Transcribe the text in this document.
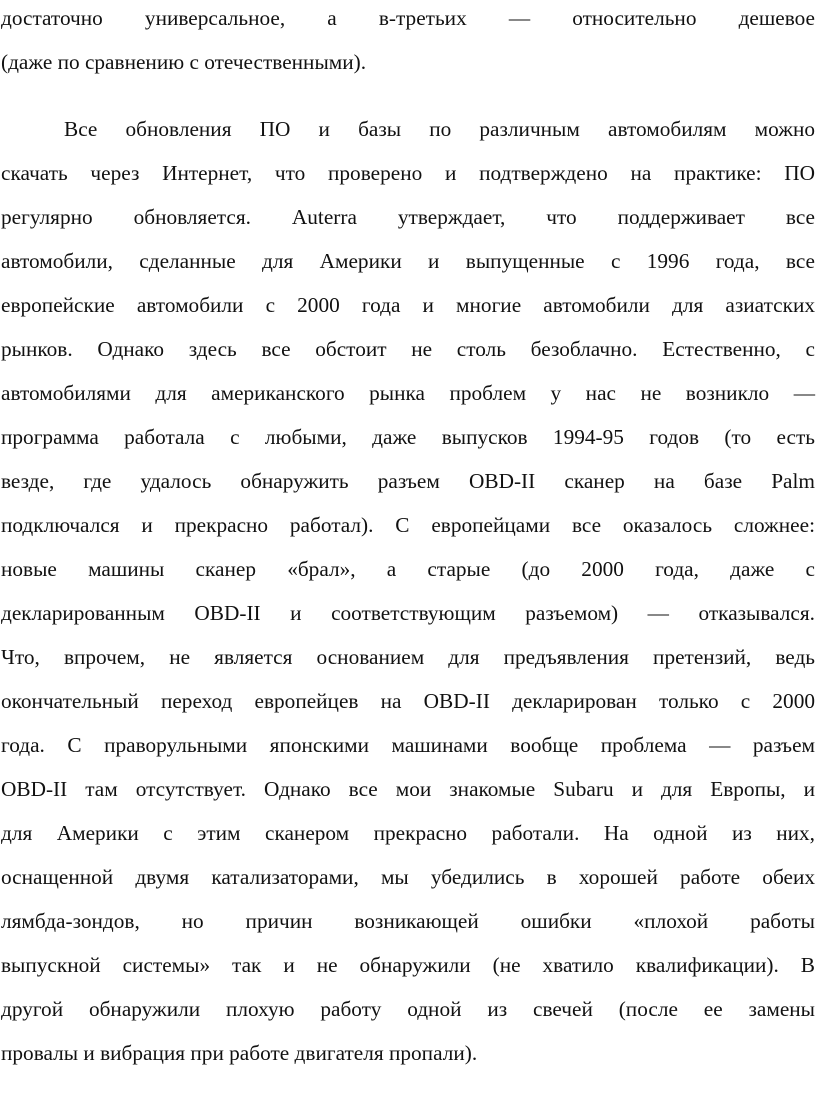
достаточно универсальное, а в-третьих — относительно дешевое
(даже по сравнению с отечественными).
Все обновления ПО и базы по различным автомобилям можно
скачать через Интернет, что проверено и подтверждено на практике: ПО
регулярно обновляется. Auterra утверждает, что поддерживает все
автомобили, сделанные для Америки и выпущенные с 1996 года, все
европейские автомобили с 2000 года и многие автомобили для азиатских
рынков. Однако здесь все обстоит не столь безоблачно. Естественно, с
автомобилями для американского рынка проблем у нас не возникло —
программа работала с любыми, даже выпусков 1994-95 годов (то есть
везде, где удалось обнаружить разъем OBD-II сканер на базе Palm
подключался и прекрасно работал). С европейцами все оказалось сложнее:
новые машины сканер «брал», а старые (до 2000 года, даже с
декларированным OBD-II и соответствующим разъемом) — отказывался.
Что, впрочем, не является основанием для предъявления претензий, ведь
окончательный переход европейцев на OBD-II декларирован только с 2000
года. С праворульными японскими машинами вообще проблема — разъем
OBD-II там отсутствует. Однако все мои знакомые Subaru и для Европы, и
для Америки с этим сканером прекрасно работали. На одной из них,
оснащенной двумя катализаторами, мы убедились в хорошей работе обеих
лямбда-зондов, но причин возникающей ошибки «плохой работы
выпускной системы» так и не обнаружили (не хватило квалификации). В
другой обнаружили плохую работу одной из свечей (после ее замены
провалы и вибрация при работе двигателя пропали).
